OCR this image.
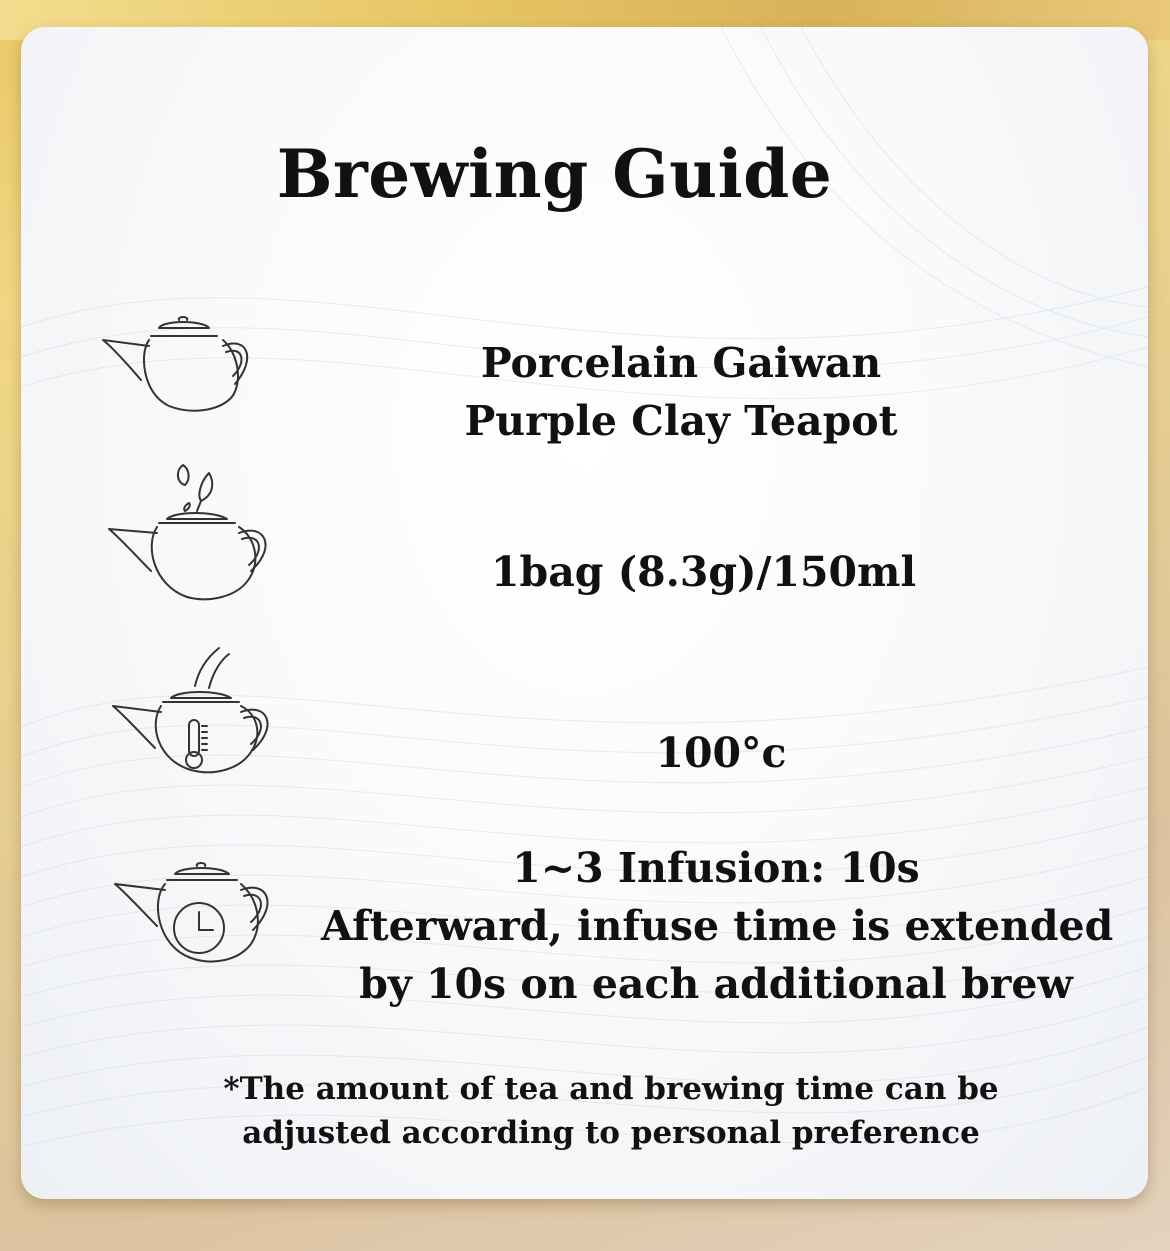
Brewing Guide
Porcelain Gaiwan
Purple Clay Teapot
1bag (8.3g)/150ml
100°c
1~3 Infusion: 10s
Afterward, infuse time is extended
by 10s on each additional brew
*The amount of tea and brewing time can be
adjusted according to personal preference
